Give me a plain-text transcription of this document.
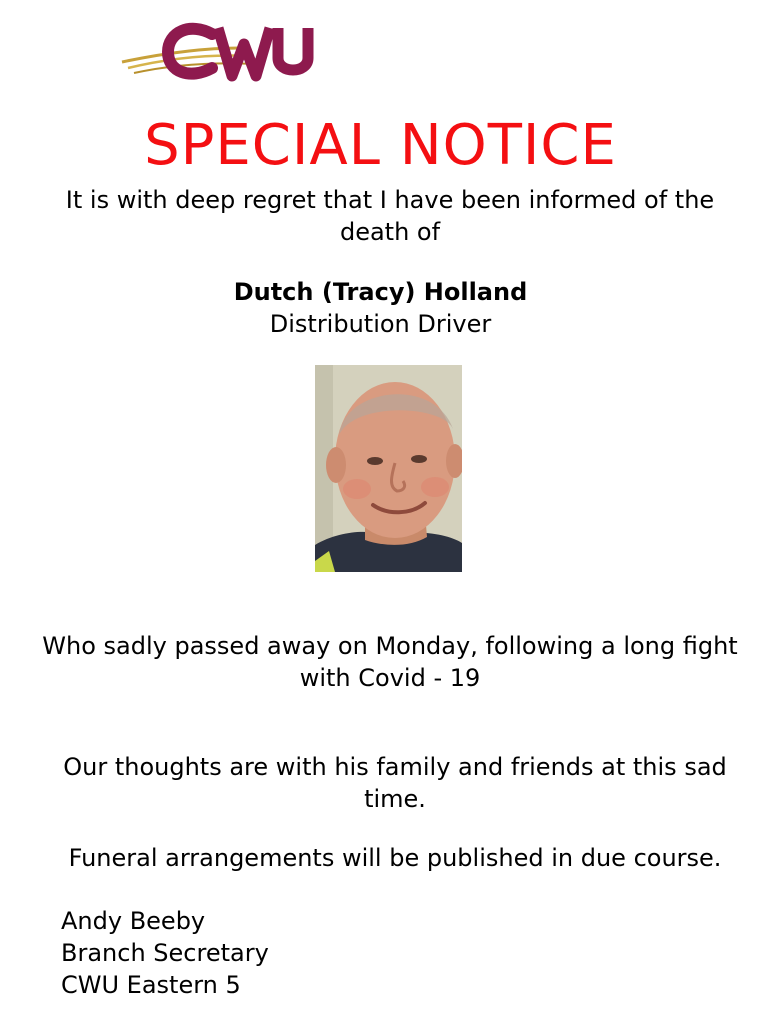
SPECIAL NOTICE
It is with deep regret that I have been informed of the death of
Dutch (Tracy) Holland
Distribution Driver
Who sadly passed away on Monday, following a long fight with Covid - 19
Our thoughts are with his family and friends at this sad time.
Funeral arrangements will be published in due course.
Andy Beeby
Branch Secretary
CWU Eastern 5
